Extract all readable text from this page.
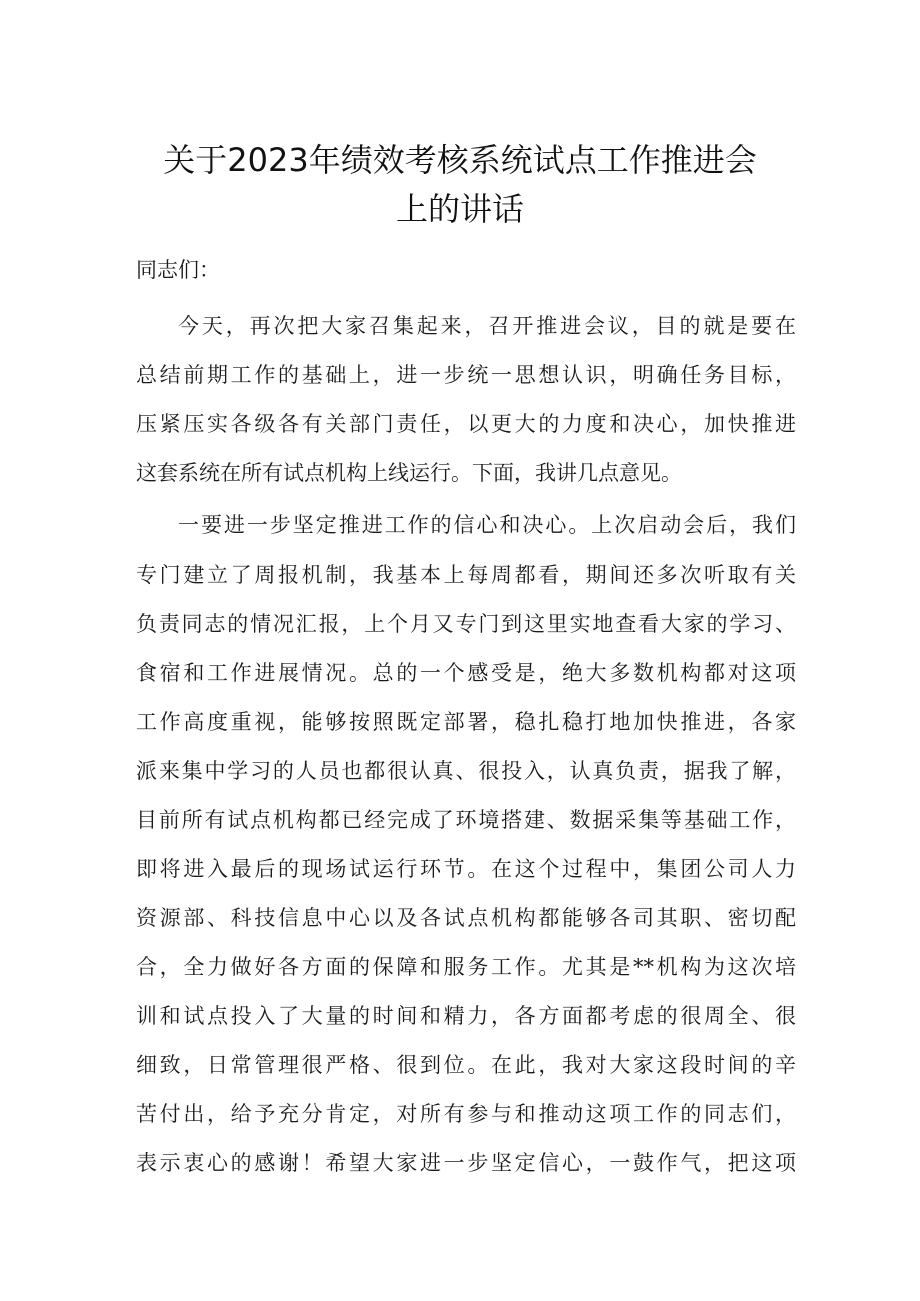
关于2023年绩效考核系统试点工作推进会
上的讲话
同志们：
今天，再次把大家召集起来，召开推进会议，目的就是要在
总结前期工作的基础上，进一步统一思想认识，明确任务目标，
压紧压实各级各有关部门责任，以更大的力度和决心，加快推进
这套系统在所有试点机构上线运行。下面，我讲几点意见。
一要进一步坚定推进工作的信心和决心。上次启动会后，我们
专门建立了周报机制，我基本上每周都看，期间还多次听取有关
负责同志的情况汇报，上个月又专门到这里实地查看大家的学习、
食宿和工作进展情况。总的一个感受是，绝大多数机构都对这项
工作高度重视，能够按照既定部署，稳扎稳打地加快推进，各家
派来集中学习的人员也都很认真、很投入，认真负责，据我了解，
目前所有试点机构都已经完成了环境搭建、数据采集等基础工作，
即将进入最后的现场试运行环节。在这个过程中，集团公司人力
资源部、科技信息中心以及各试点机构都能够各司其职、密切配
合，全力做好各方面的保障和服务工作。尤其是**机构为这次培
训和试点投入了大量的时间和精力，各方面都考虑的很周全、很
细致，日常管理很严格、很到位。在此，我对大家这段时间的辛
苦付出，给予充分肯定，对所有参与和推动这项工作的同志们，
表示衷心的感谢！希望大家进一步坚定信心，一鼓作气，把这项
